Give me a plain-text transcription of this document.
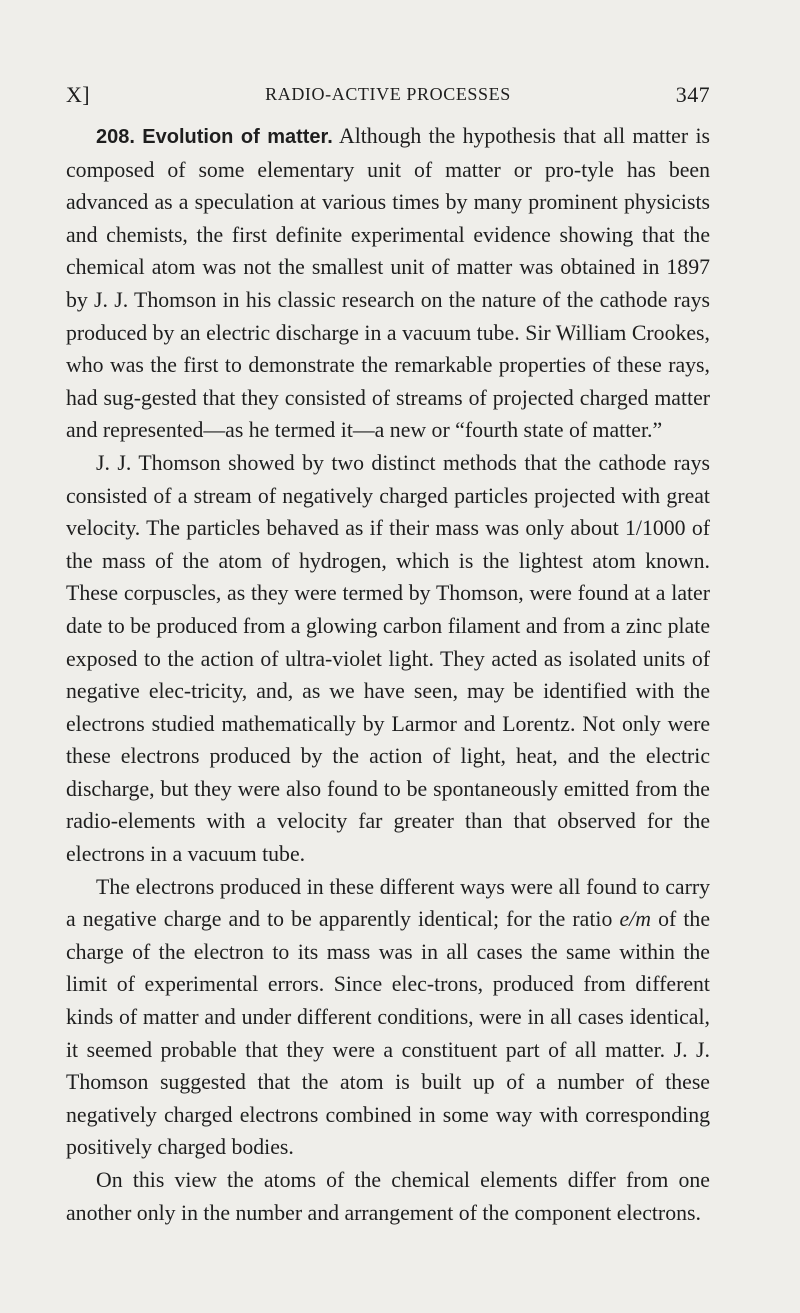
X]	RADIO-ACTIVE PROCESSES	347

208. Evolution of matter. Although the hypothesis that all matter is composed of some elementary unit of matter or pro-tyle has been advanced as a speculation at various times by many prominent physicists and chemists, the first definite experimental evidence showing that the chemical atom was not the smallest unit of matter was obtained in 1897 by J. J. Thomson in his classic research on the nature of the cathode rays produced by an electric discharge in a vacuum tube. Sir William Crookes, who was the first to demonstrate the remarkable properties of these rays, had sug-gested that they consisted of streams of projected charged matter and represented—as he termed it—a new or “fourth state of matter.”

J. J. Thomson showed by two distinct methods that the cathode rays consisted of a stream of negatively charged particles projected with great velocity. The particles behaved as if their mass was only about 1/1000 of the mass of the atom of hydrogen, which is the lightest atom known. These corpuscles, as they were termed by Thomson, were found at a later date to be produced from a glowing carbon filament and from a zinc plate exposed to the action of ultra-violet light. They acted as isolated units of negative elec-tricity, and, as we have seen, may be identified with the electrons studied mathematically by Larmor and Lorentz. Not only were these electrons produced by the action of light, heat, and the electric discharge, but they were also found to be spontaneously emitted from the radio-elements with a velocity far greater than that observed for the electrons in a vacuum tube.

The electrons produced in these different ways were all found to carry a negative charge and to be apparently identical; for the ratio e/m of the charge of the electron to its mass was in all cases the same within the limit of experimental errors. Since elec-trons, produced from different kinds of matter and under different conditions, were in all cases identical, it seemed probable that they were a constituent part of all matter. J. J. Thomson suggested that the atom is built up of a number of these negatively charged electrons combined in some way with corresponding positively charged bodies.

On this view the atoms of the chemical elements differ from one another only in the number and arrangement of the component electrons.
